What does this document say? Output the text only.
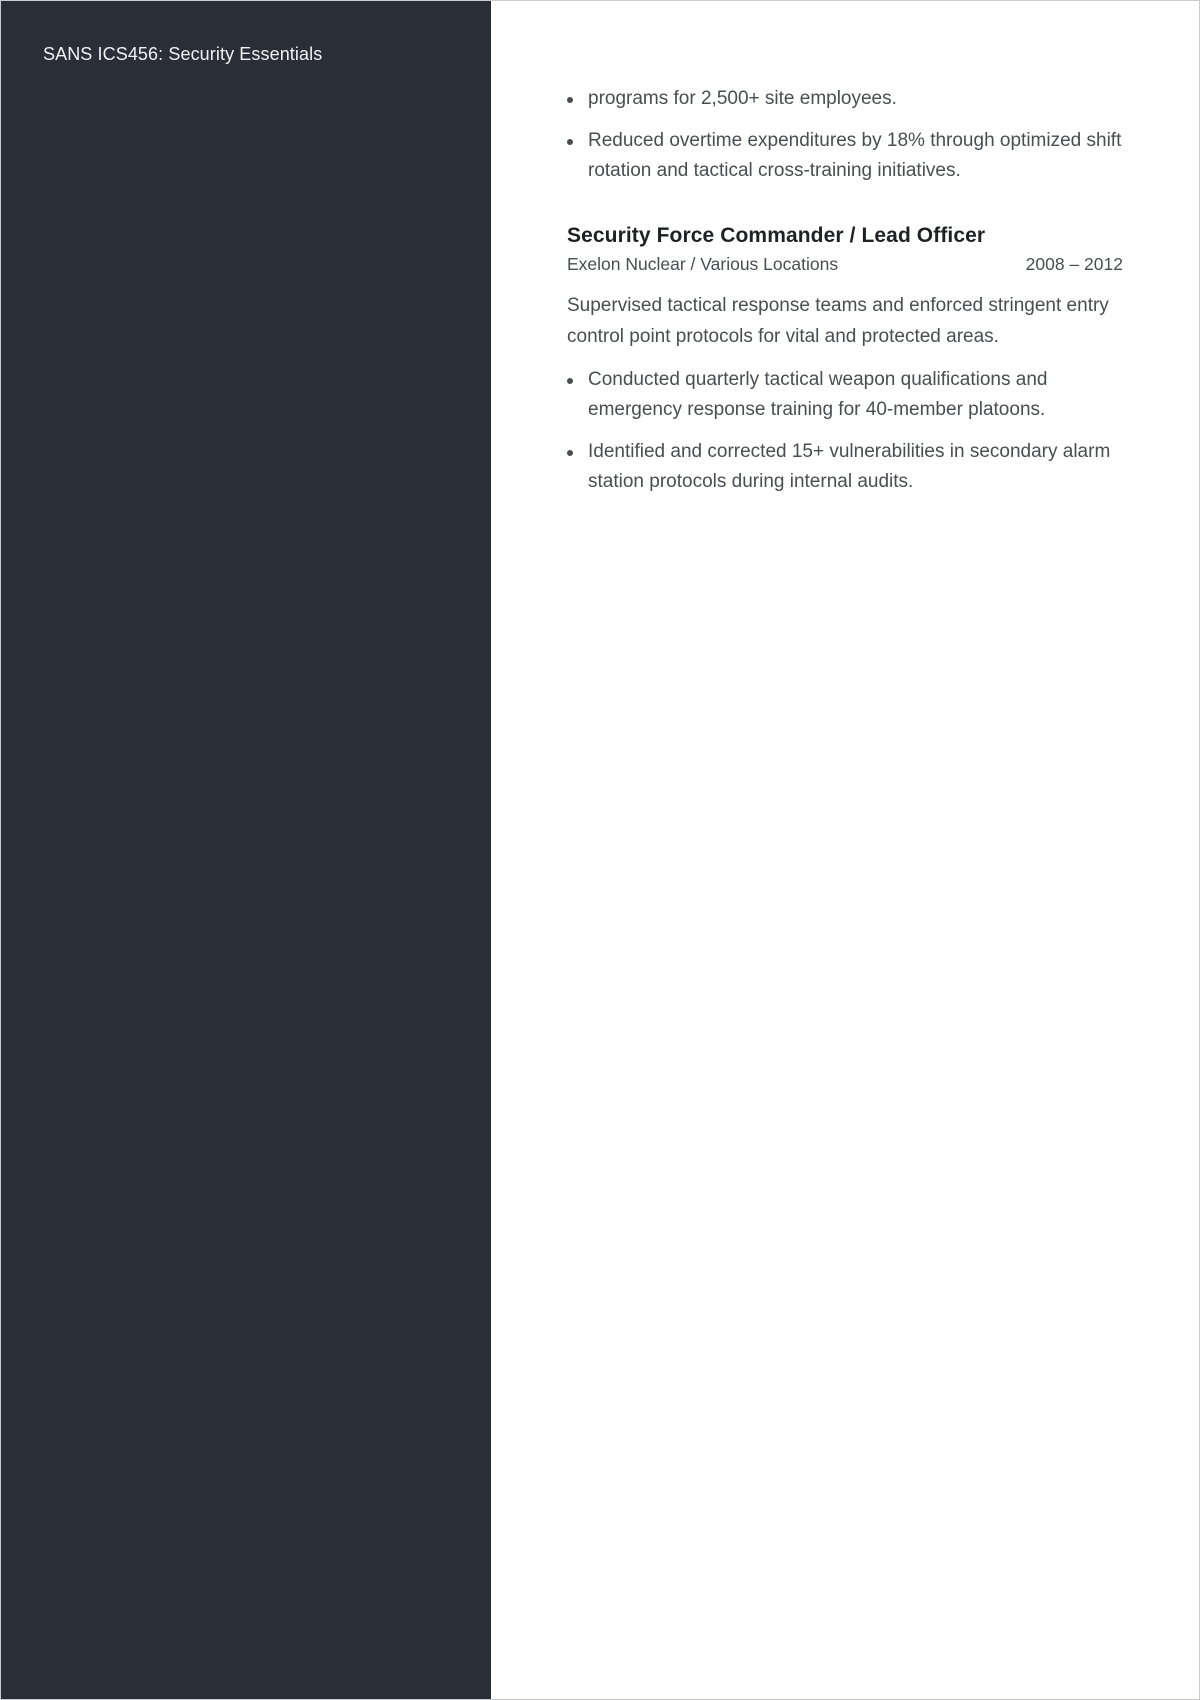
SANS ICS456: Security Essentials
programs for 2,500+ site employees.
Reduced overtime expenditures by 18% through optimized shift rotation and tactical cross-training initiatives.
Security Force Commander / Lead Officer
Exelon Nuclear / Various Locations	2008 – 2012

Supervised tactical response teams and enforced stringent entry control point protocols for vital and protected areas.

Conducted quarterly tactical weapon qualifications and emergency response training for 40-member platoons.
Identified and corrected 15+ vulnerabilities in secondary alarm station protocols during internal audits.
